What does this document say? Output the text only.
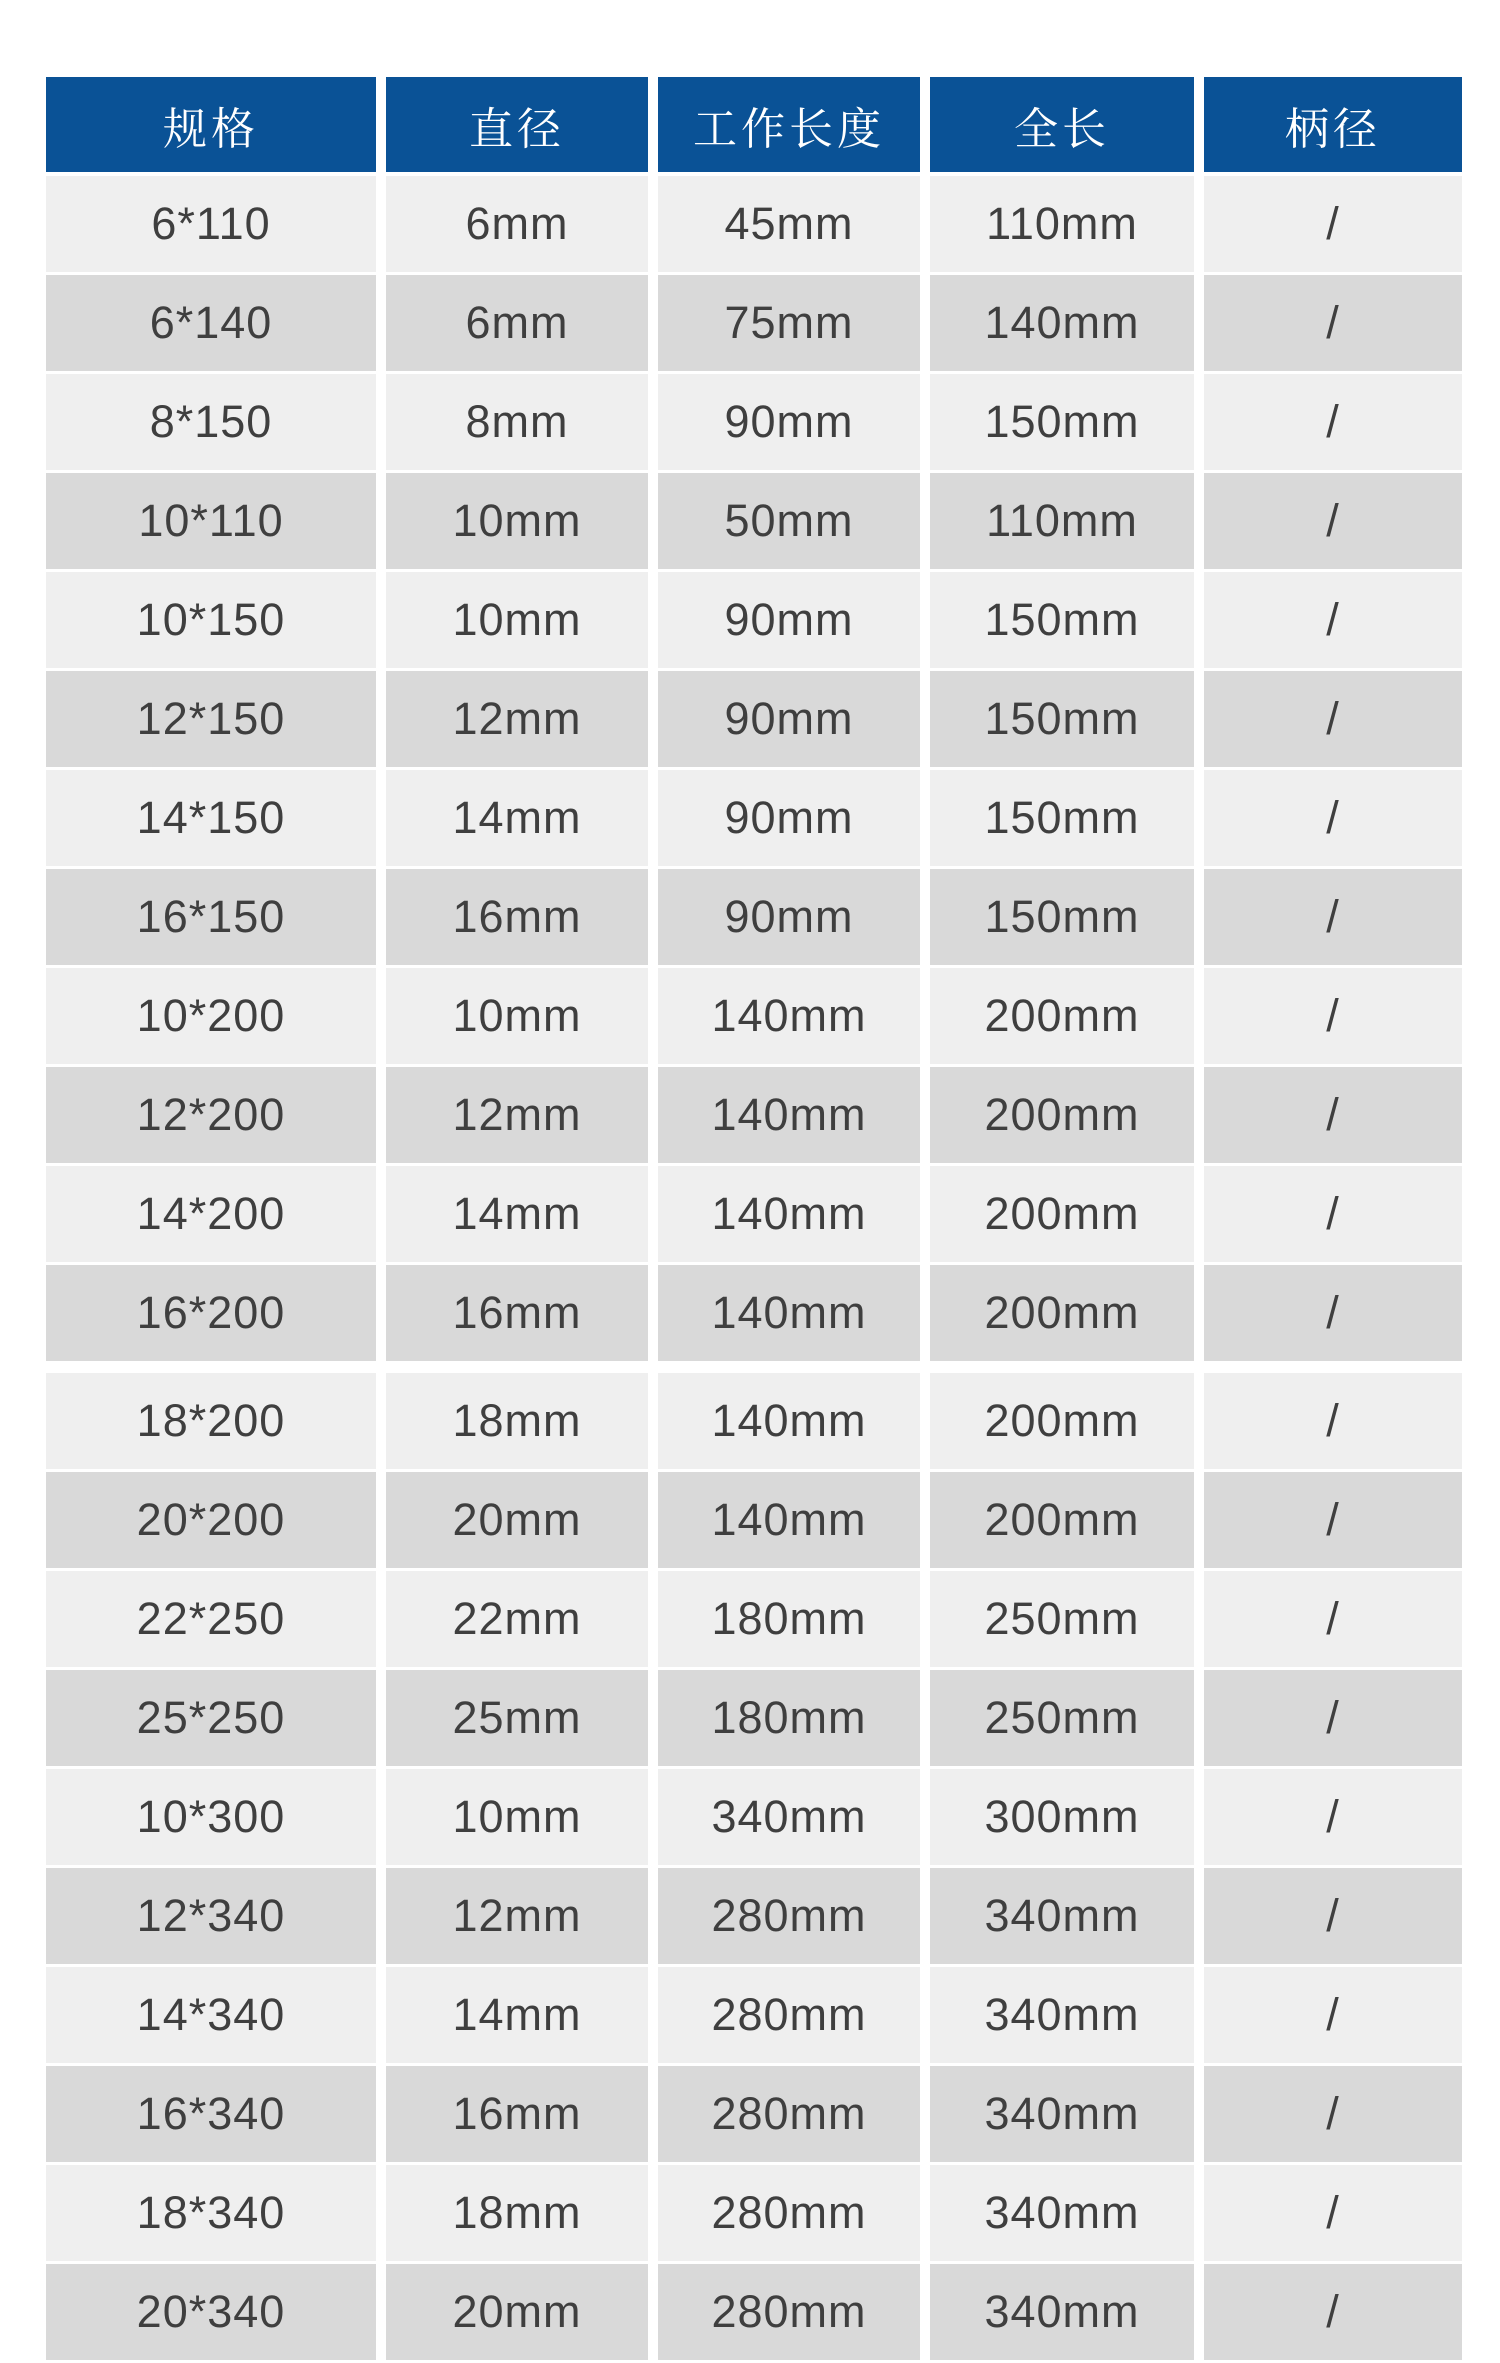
规格	直径	工作长度	全长	柄径
6*110	6mm	45mm	110mm	/
6*140	6mm	75mm	140mm	/
8*150	8mm	90mm	150mm	/
10*110	10mm	50mm	110mm	/
10*150	10mm	90mm	150mm	/
12*150	12mm	90mm	150mm	/
14*150	14mm	90mm	150mm	/
16*150	16mm	90mm	150mm	/
10*200	10mm	140mm	200mm	/
12*200	12mm	140mm	200mm	/
14*200	14mm	140mm	200mm	/
16*200	16mm	140mm	200mm	/
18*200	18mm	140mm	200mm	/
20*200	20mm	140mm	200mm	/
22*250	22mm	180mm	250mm	/
25*250	25mm	180mm	250mm	/
10*300	10mm	340mm	300mm	/
12*340	12mm	280mm	340mm	/
14*340	14mm	280mm	340mm	/
16*340	16mm	280mm	340mm	/
18*340	18mm	280mm	340mm	/
20*340	20mm	280mm	340mm	/
